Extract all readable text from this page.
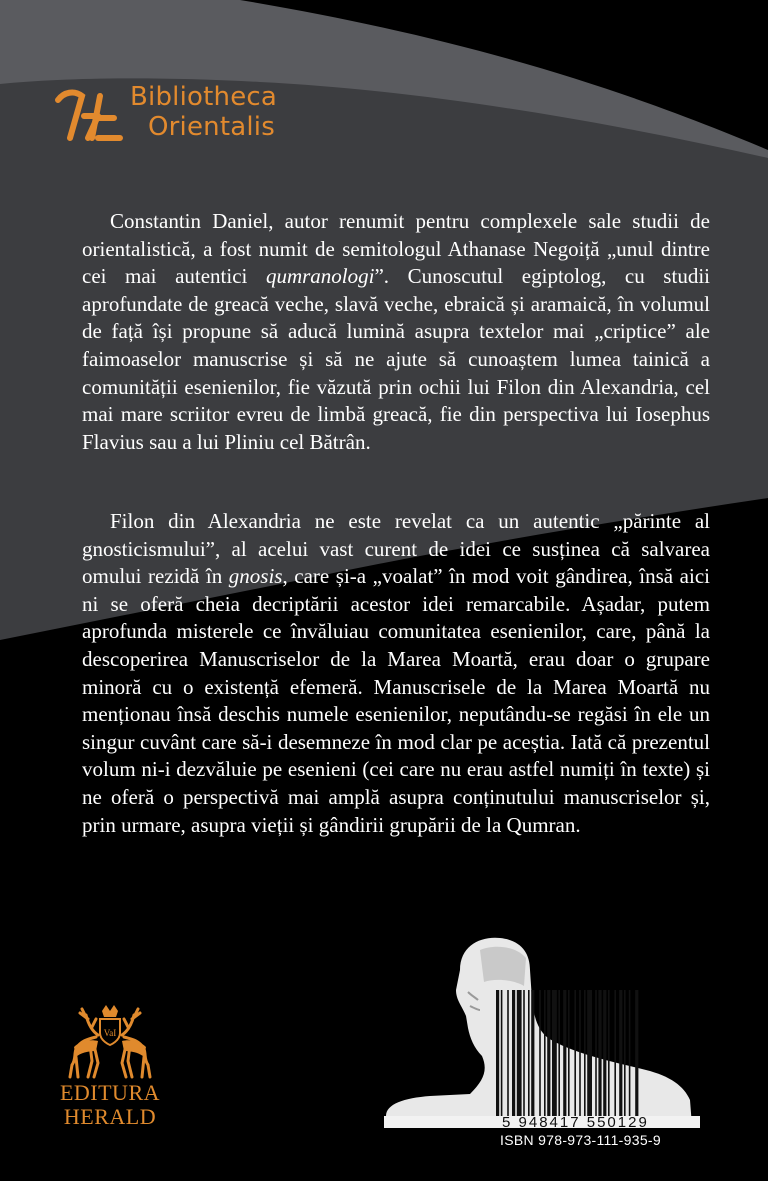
Bibliotheca
Orientalis

Constantin Daniel, autor renumit pentru complexele sale studii de orientalistică, a fost numit de semitologul Athanase Negoiță „unul dintre cei mai autentici qumranologi”. Cunoscutul egiptolog, cu studii aprofundate de greacă veche, slavă veche, ebraică și aramaică, în volumul de față își propune să aducă lumină asupra textelor mai „criptice” ale faimoaselor manuscrise și să ne ajute să cunoaștem lumea tainică a comunității esenienilor, fie văzută prin ochii lui Filon din Alexandria, cel mai mare scriitor evreu de limbă greacă, fie din perspectiva lui Iosephus Flavius sau a lui Pliniu cel Bătrân.

Filon din Alexandria ne este revelat ca un autentic „părinte al gnosticismului”, al acelui vast curent de idei ce susținea că salvarea omului rezidă în gnosis, care și-a „voalat” în mod voit gândirea, însă aici ni se oferă cheia decriptării acestor idei remarcabile. Așadar, putem aprofunda misterele ce învăluiau comunitatea esenienilor, care, până la descoperirea Manuscriselor de la Marea Moartă, erau doar o grupare minoră cu o existență efemeră. Manuscrisele de la Marea Moartă nu menționau însă deschis numele esenienilor, neputându-se regăsi în ele un singur cuvânt care să-i desemneze în mod clar pe aceștia. Iată că prezentul volum ni-i dezvăluie pe esenieni (cei care nu erau astfel numiți în texte) și ne oferă o perspectivă mai amplă asupra conținutului manuscriselor și, prin urmare, asupra vieții și gândirii grupării de la Qumran.

VaI
EDITURA
HERALD	5 948417 550129
ISBN 978-973-111-935-9
